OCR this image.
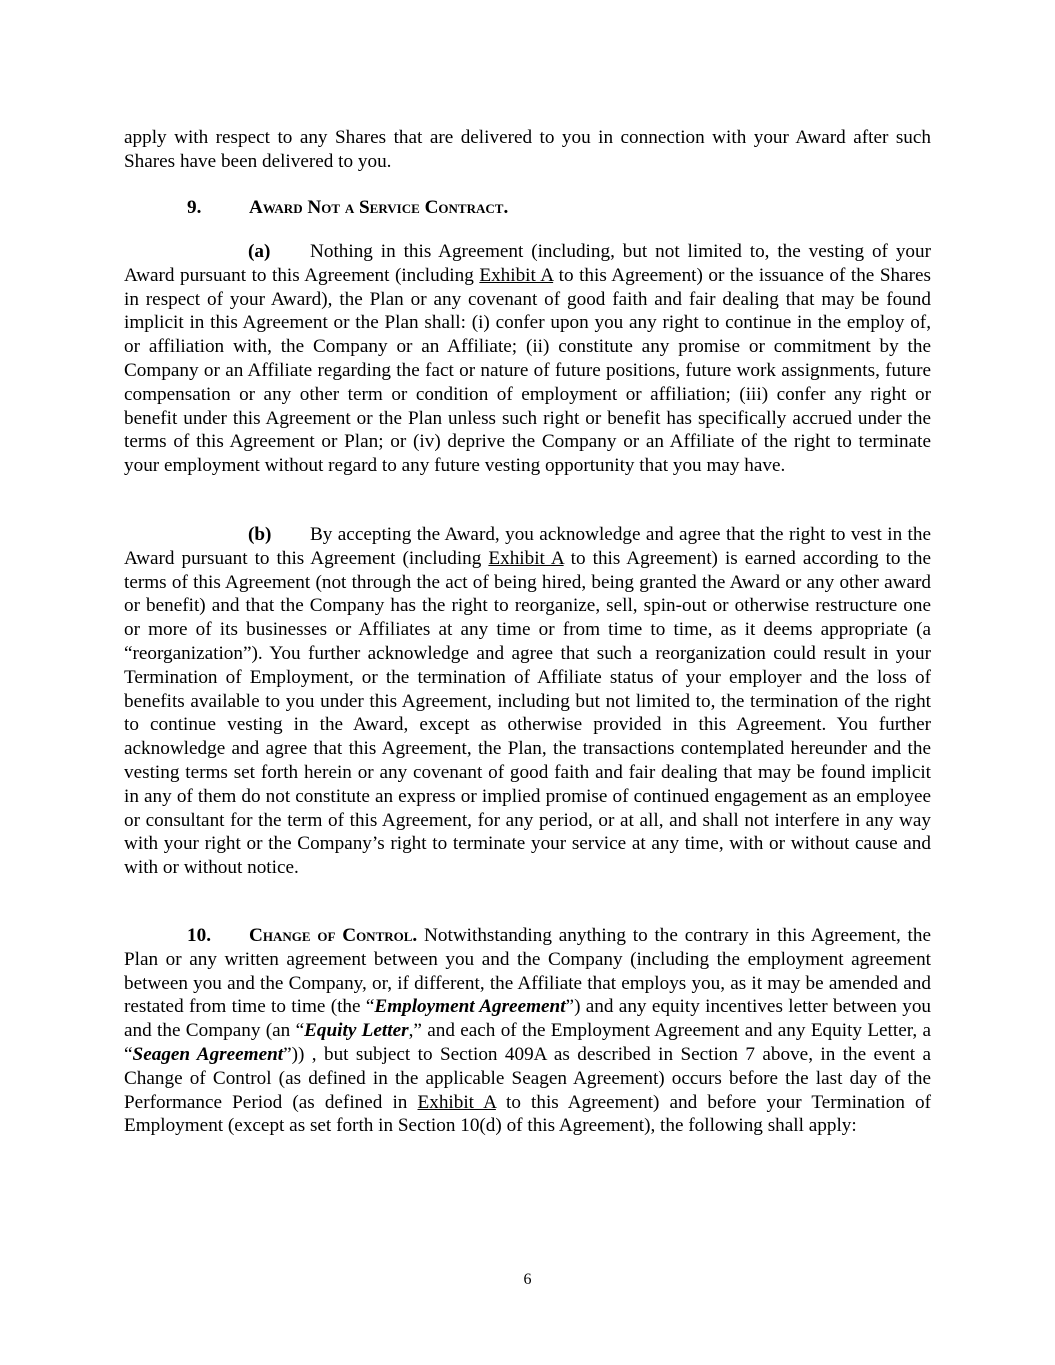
apply with respect to any Shares that are delivered to you in connection with your Award after such Shares have been delivered to you.

9. Award Not a Service Contract.

(a) Nothing in this Agreement (including, but not limited to, the vesting of your Award pursuant to this Agreement (including Exhibit A to this Agreement) or the issuance of the Shares in respect of your Award), the Plan or any covenant of good faith and fair dealing that may be found implicit in this Agreement or the Plan shall: (i) confer upon you any right to continue in the employ of, or affiliation with, the Company or an Affiliate; (ii) constitute any promise or commitment by the Company or an Affiliate regarding the fact or nature of future positions, future work assignments, future compensation or any other term or condition of employment or affiliation; (iii) confer any right or benefit under this Agreement or the Plan unless such right or benefit has specifically accrued under the terms of this Agreement or Plan; or (iv) deprive the Company or an Affiliate of the right to terminate your employment without regard to any future vesting opportunity that you may have.

(b) By accepting the Award, you acknowledge and agree that the right to vest in the Award pursuant to this Agreement (including Exhibit A to this Agreement) is earned according to the terms of this Agreement (not through the act of being hired, being granted the Award or any other award or benefit) and that the Company has the right to reorganize, sell, spin-out or otherwise restructure one or more of its businesses or Affiliates at any time or from time to time, as it deems appropriate (a “reorganization”). You further acknowledge and agree that such a reorganization could result in your Termination of Employment, or the termination of Affiliate status of your employer and the loss of benefits available to you under this Agreement, including but not limited to, the termination of the right to continue vesting in the Award, except as otherwise provided in this Agreement. You further acknowledge and agree that this Agreement, the Plan, the transactions contemplated hereunder and the vesting terms set forth herein or any covenant of good faith and fair dealing that may be found implicit in any of them do not constitute an express or implied promise of continued engagement as an employee or consultant for the term of this Agreement, for any period, or at all, and shall not interfere in any way with your right or the Company’s right to terminate your service at any time, with or without cause and with or without notice.

10. Change of Control. Notwithstanding anything to the contrary in this Agreement, the Plan or any written agreement between you and the Company (including the employment agreement between you and the Company, or, if different, the Affiliate that employs you, as it may be amended and restated from time to time (the “Employment Agreement”) and any equity incentives letter between you and the Company (an “Equity Letter,” and each of the Employment Agreement and any Equity Letter, a “Seagen Agreement”)) , but subject to Section 409A as described in Section 7 above, in the event a Change of Control (as defined in the applicable Seagen Agreement) occurs before the last day of the Performance Period (as defined in Exhibit A to this Agreement) and before your Termination of Employment (except as set forth in Section 10(d) of this Agreement), the following shall apply:

6
